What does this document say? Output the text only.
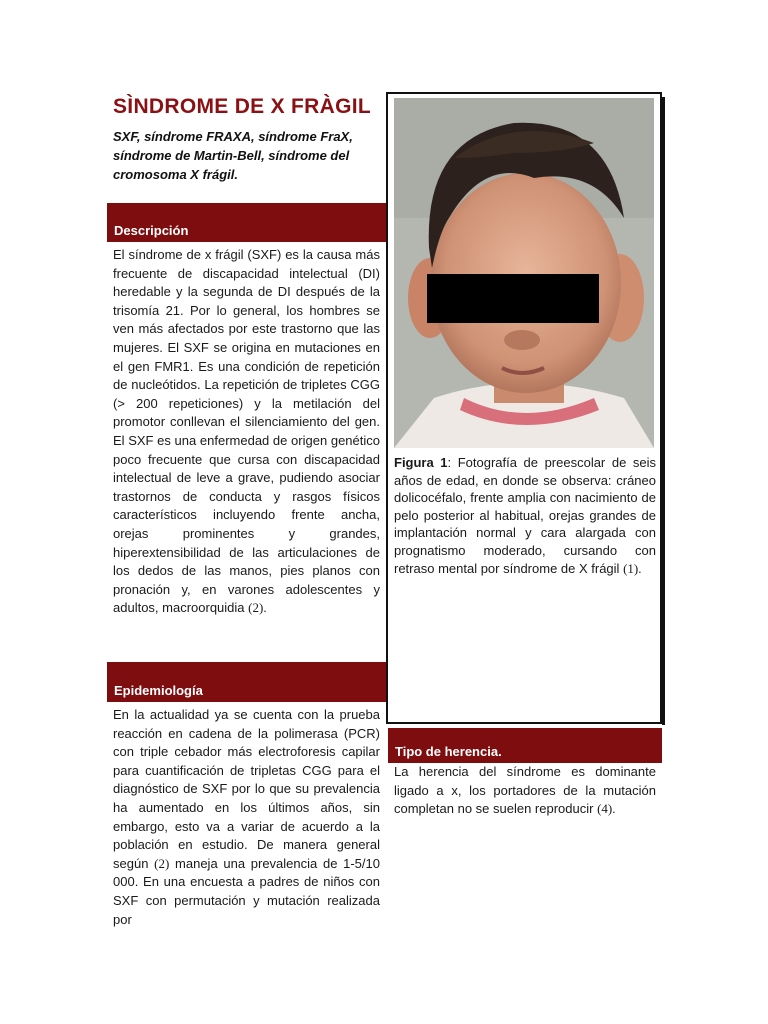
SÌNDROME DE X FRÀGIL
SXF, síndrome FRAXA, síndrome FraX, síndrome de Martin-Bell, síndrome del cromosoma X frágil.
Descripción
El síndrome de x frágil (SXF) es la causa más frecuente de discapacidad intelectual (DI) heredable y la segunda de DI después de la trisomía 21. Por lo general, los hombres se ven más afectados por este trastorno que las mujeres. El SXF se origina en mutaciones en el gen FMR1. Es una condición de repetición de nucleótidos. La repetición de tripletes CGG (> 200 repeticiones) y la metilación del promotor conllevan el silenciamiento del gen. El SXF es una enfermedad de origen genético poco frecuente que cursa con discapacidad intelectual de leve a grave, pudiendo asociar trastornos de conducta y rasgos físicos característicos incluyendo frente ancha, orejas prominentes y grandes, hiperextensibilidad de las articulaciones de los dedos de las manos, pies planos con pronación y, en varones adolescentes y adultos, macroorquidia (2).
Epidemiología
En la actualidad ya se cuenta con la prueba reacción en cadena de la polimerasa (PCR) con triple cebador más electroforesis capilar para cuantificación de tripletas CGG para el diagnóstico de SXF por lo que su prevalencia ha aumentado en los últimos años, sin embargo, esto va a variar de acuerdo a la población en estudio. De manera general según (2) maneja una prevalencia de 1-5/10 000. En una encuesta a padres de niños con SXF con permutación y mutación realizada por
Figura 1: Fotografía de preescolar de seis años de edad, en donde se observa: cráneo dolicocéfalo, frente amplia con nacimiento de pelo posterior al habitual, orejas grandes de implantación normal y cara alargada con prognatismo moderado, cursando con retraso mental por síndrome de X frágil (1).
Tipo de herencia.
La herencia del síndrome es dominante ligado a x, los portadores de la mutación completan no se suelen reproducir (4).
